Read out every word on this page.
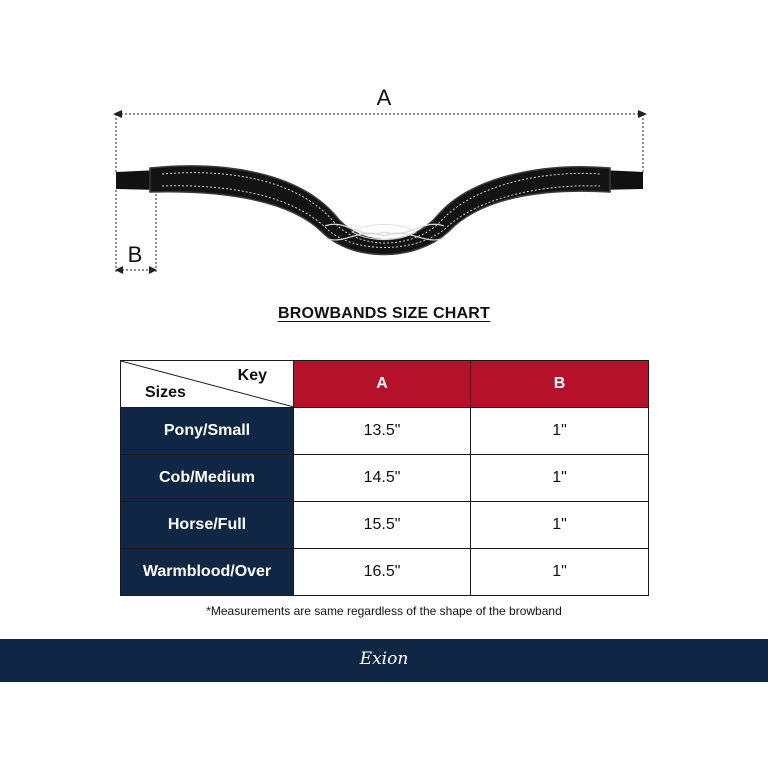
A
B
BROWBANDS SIZE CHART
Key
Sizes	A	B
Pony/Small	13.5"	1"
Cob/Medium	14.5"	1"
Horse/Full	15.5"	1"
Warmblood/Over	16.5"	1"
*Measurements are same regardless of the shape of the browband
Exion
